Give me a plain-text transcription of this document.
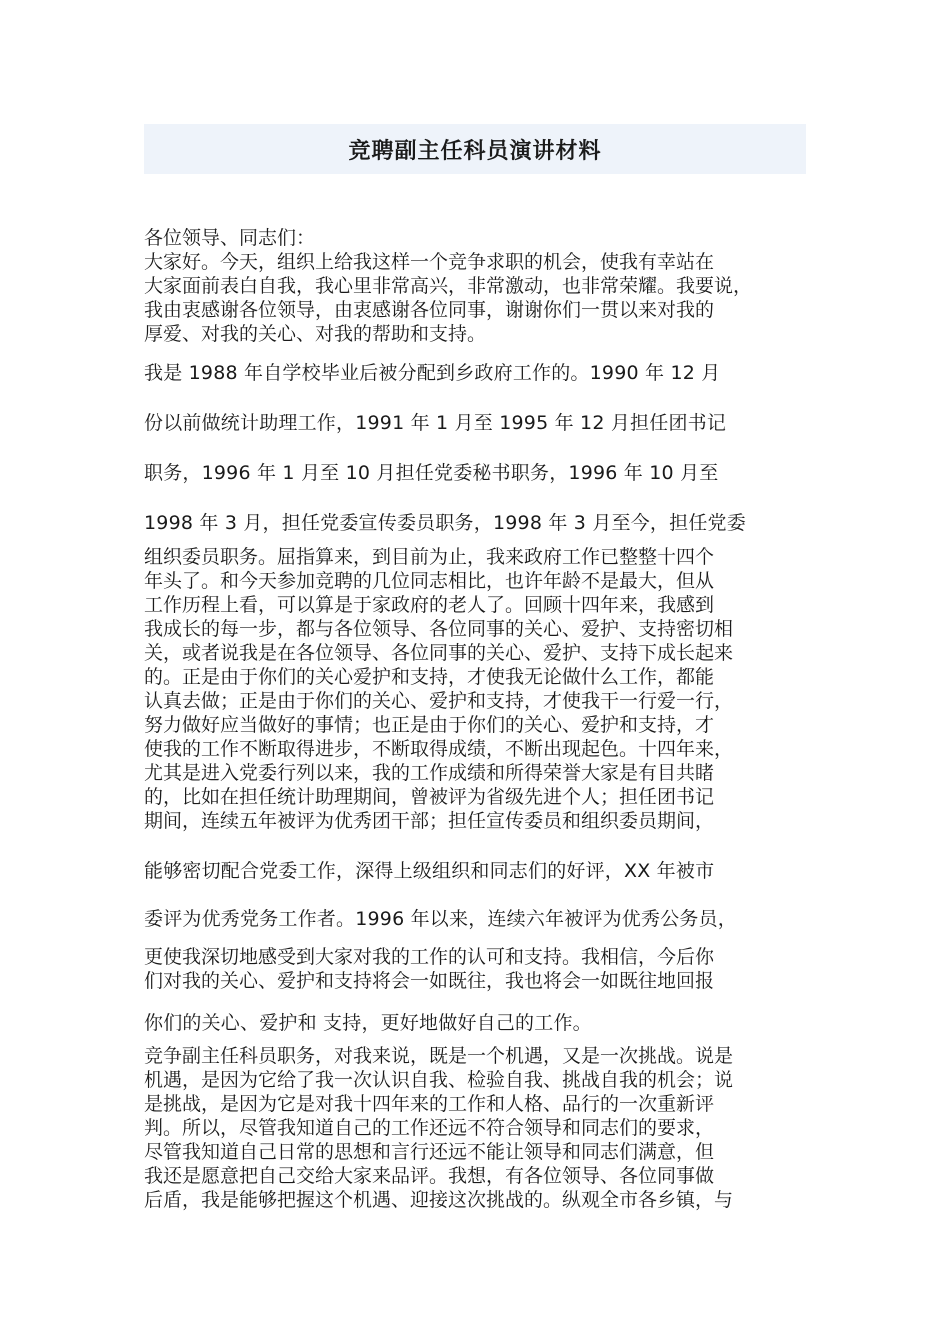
竞聘副主任科员演讲材料
各位领导、同志们：
大家好。今天，组织上给我这样一个竞争求职的机会，使我有幸站在
大家面前表白自我，我心里非常高兴，非常激动，也非常荣耀。我要说，
我由衷感谢各位领导，由衷感谢各位同事，谢谢你们一贯以来对我的
厚爱、对我的关心、对我的帮助和支持。
我是 1988 年自学校毕业后被分配到乡政府工作的。1990 年 12 月
份以前做统计助理工作，1991 年 1 月至 1995 年 12 月担任团书记
职务，1996 年 1 月至 10 月担任党委秘书职务，1996 年 10 月至
1998 年 3 月，担任党委宣传委员职务，1998 年 3 月至今，担任党委
组织委员职务。屈指算来，到目前为止，我来政府工作已整整十四个
年头了。和今天参加竞聘的几位同志相比，也许年龄不是最大，但从
工作历程上看，可以算是于家政府的老人了。回顾十四年来，我感到
我成长的每一步，都与各位领导、各位同事的关心、爱护、支持密切相
关，或者说我是在各位领导、各位同事的关心、爱护、支持下成长起来
的。正是由于你们的关心爱护和支持，才使我无论做什么工作，都能
认真去做；正是由于你们的关心、爱护和支持，才使我干一行爱一行，
努力做好应当做好的事情；也正是由于你们的关心、爱护和支持，才
使我的工作不断取得进步，不断取得成绩，不断出现起色。十四年来，
尤其是进入党委行列以来，我的工作成绩和所得荣誉大家是有目共睹
的，比如在担任统计助理期间，曾被评为省级先进个人；担任团书记
期间，连续五年被评为优秀团干部；担任宣传委员和组织委员期间，
能够密切配合党委工作，深得上级组织和同志们的好评，XX 年被市
委评为优秀党务工作者。1996 年以来，连续六年被评为优秀公务员，
更使我深切地感受到大家对我的工作的认可和支持。我相信，今后你
们对我的关心、爱护和支持将会一如既往，我也将会一如既往地回报
你们的关心、爱护和 支持，更好地做好自己的工作。
竞争副主任科员职务，对我来说，既是一个机遇，又是一次挑战。说是
机遇，是因为它给了我一次认识自我、检验自我、挑战自我的机会；说
是挑战，是因为它是对我十四年来的工作和人格、品行的一次重新评
判。所以，尽管我知道自己的工作还远不符合领导和同志们的要求，
尽管我知道自己日常的思想和言行还远不能让领导和同志们满意，但
我还是愿意把自己交给大家来品评。我想，有各位领导、各位同事做
后盾，我是能够把握这个机遇、迎接这次挑战的。纵观全市各乡镇，与
